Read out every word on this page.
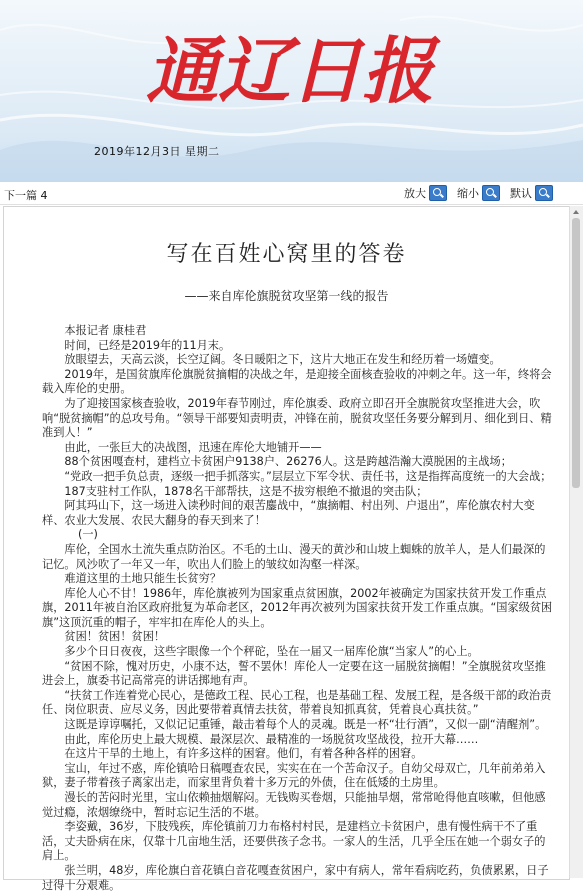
通辽日报
2019年12月3日 星期二
下一篇 4	放大	缩小	默认
写在百姓心窝里的答卷
——来自库伦旗脱贫攻坚第一线的报告

本报记者 康桂君

时间，已经是2019年的11月末。

放眼望去，天高云淡，长空辽阔。冬日暖阳之下，这片大地正在发生和经历着一场嬗变。

2019年，是国贫旗库伦旗脱贫摘帽的决战之年，是迎接全面核查验收的冲刺之年。这一年，终将会载入库伦的史册。

为了迎接国家核查验收，2019年春节刚过，库伦旗委、政府立即召开全旗脱贫攻坚推进大会，吹响“脱贫摘帽”的总攻号角。“领导干部要知责明责，冲锋在前，脱贫攻坚任务要分解到月、细化到日、精准到人！”

由此，一张巨大的决战图，迅速在库伦大地铺开——

88个贫困嘎查村，建档立卡贫困户9138户、26276人。这是跨越浩瀚大漠脱困的主战场；

“党政一把手负总责，逐级一把手抓落实。”层层立下军令状、责任书，这是指挥高度统一的大会战；

187支驻村工作队，1878名干部帮扶，这是不拔穷根绝不撤退的突击队；

阿其玛山下，这一场进入读秒时间的艰苦鏖战中，“旗摘帽、村出列、户退出”，库伦旗农村大变样、农业大发展、农民大翻身的春天到来了！

(一)

库伦，全国水土流失重点防治区。不毛的土山、漫天的黄沙和山坡上蜘蛛的放羊人，是人们最深的记忆。风沙吹了一年又一年，吹出人们脸上的皱纹如沟壑一样深。

难道这里的土地只能生长贫穷？

库伦人心不甘！1986年，库伦旗被列为国家重点贫困旗，2002年被确定为国家扶贫开发工作重点旗，2011年被自治区政府批复为革命老区，2012年再次被列为国家扶贫开发工作重点旗。“国家级贫困旗”这顶沉重的帽子，牢牢扣在库伦人的头上。

贫困！贫困！贫困！

多少个日日夜夜，这些字眼像一个个秤砣，坠在一届又一届库伦旗“当家人”的心上。

“贫困不除，愧对历史，小康不达，誓不罢休！库伦人一定要在这一届脱贫摘帽！”全旗脱贫攻坚推进会上，旗委书记高常亮的讲话掷地有声。

“扶贫工作连着党心民心，是德政工程、民心工程，也是基础工程、发展工程，是各级干部的政治责任、岗位职责、应尽义务，因此要带着真情去扶贫，带着良知抓真贫，凭着良心真扶贫。”

这既是谆谆嘱托，又似记记重锤，敲击着每个人的灵魂。既是一杯“壮行酒”，又似一副“清醒剂”。

由此，库伦历史上最大规模、最深层次、最精准的一场脱贫攻坚战役，拉开大幕……

在这片干旱的土地上，有许多这样的困窘。他们，有着各种各样的困窘。

宝山，年过不惑，库伦镇哈日稿嘎查农民，实实在在一个苦命汉子。自幼父母双亡，几年前弟弟入狱，妻子带着孩子离家出走，而家里背负着十多万元的外债，住在低矮的土房里。

漫长的苦闷时光里，宝山依赖抽烟解闷。无钱购买卷烟，只能抽旱烟，常常呛得他直咳嗽，但他感觉过瘾，浓烟缭绕中，暂时忘记生活的不堪。

李姿戴，36岁，下肢残疾，库伦镇前刀力布格村村民，是建档立卡贫困户，患有慢性病干不了重活，丈夫卧病在床，仅靠十几亩地生活，还要供孩子念书。一家人的生活，几乎全压在她一个弱女子的肩上。

张兰明，48岁，库伦旗白音花镇白音花嘎查贫困户，家中有病人，常年看病吃药，负债累累，日子过得十分艰难。
